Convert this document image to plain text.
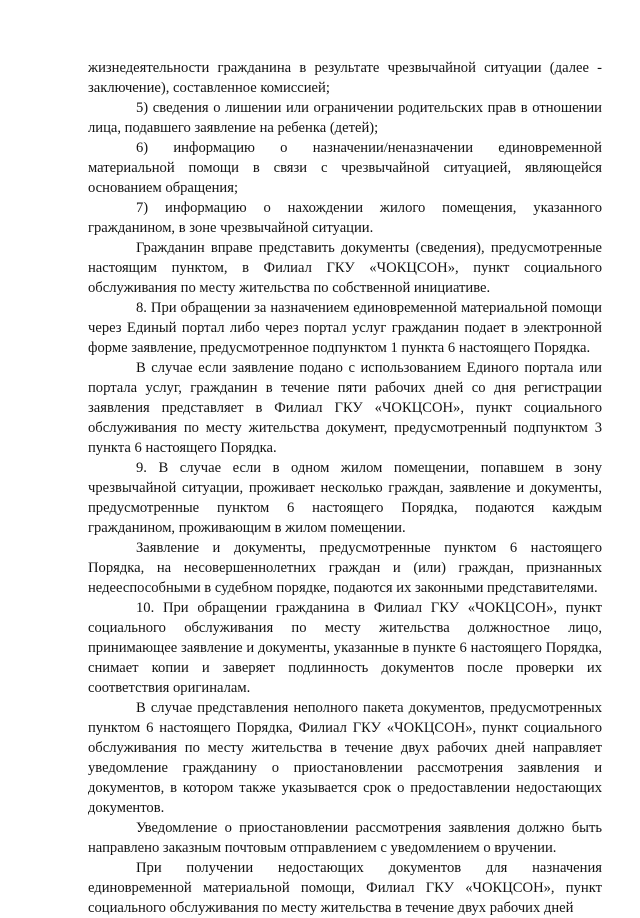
жизнедеятельности гражданина в результате чрезвычайной ситуации (далее - заключение), составленное комиссией;

5) сведения о лишении или ограничении родительских прав в отношении лица, подавшего заявление на ребенка (детей);

6) информацию о назначении/неназначении единовременной материальной помощи в связи с чрезвычайной ситуацией, являющейся основанием обращения;

7) информацию о нахождении жилого помещения, указанного гражданином, в зоне чрезвычайной ситуации.

Гражданин вправе представить документы (сведения), предусмотренные настоящим пунктом, в Филиал ГКУ «ЧОКЦСОН», пункт социального обслуживания по месту жительства по собственной инициативе.

8. При обращении за назначением единовременной материальной помощи через Единый портал либо через портал услуг гражданин подает в электронной форме заявление, предусмотренное подпунктом 1 пункта 6 настоящего Порядка.

В случае если заявление подано с использованием Единого портала или портала услуг, гражданин в течение пяти рабочих дней со дня регистрации заявления представляет в Филиал ГКУ «ЧОКЦСОН», пункт социального обслуживания по месту жительства документ, предусмотренный подпунктом 3 пункта 6 настоящего Порядка.

9. В случае если в одном жилом помещении, попавшем в зону чрезвычайной ситуации, проживает несколько граждан, заявление и документы, предусмотренные пунктом 6 настоящего Порядка, подаются каждым гражданином, проживающим в жилом помещении.

Заявление и документы, предусмотренные пунктом 6 настоящего Порядка, на несовершеннолетних граждан и (или) граждан, признанных недееспособными в судебном порядке, подаются их законными представителями.

10. При обращении гражданина в Филиал ГКУ «ЧОКЦСОН», пункт социального обслуживания по месту жительства должностное лицо, принимающее заявление и документы, указанные в пункте 6 настоящего Порядка, снимает копии и заверяет подлинность документов после проверки их соответствия оригиналам.

В случае представления неполного пакета документов, предусмотренных пунктом 6 настоящего Порядка, Филиал ГКУ «ЧОКЦСОН», пункт социального обслуживания по месту жительства в течение двух рабочих дней направляет уведомление гражданину о приостановлении рассмотрения заявления и документов, в котором также указывается срок о предоставлении недостающих документов.

Уведомление о приостановлении рассмотрения заявления должно быть направлено заказным почтовым отправлением с уведомлением о вручении.

При получении недостающих документов для назначения единовременной материальной помощи, Филиал ГКУ «ЧОКЦСОН», пункт социального обслуживания по месту жительства в течение двух рабочих дней
